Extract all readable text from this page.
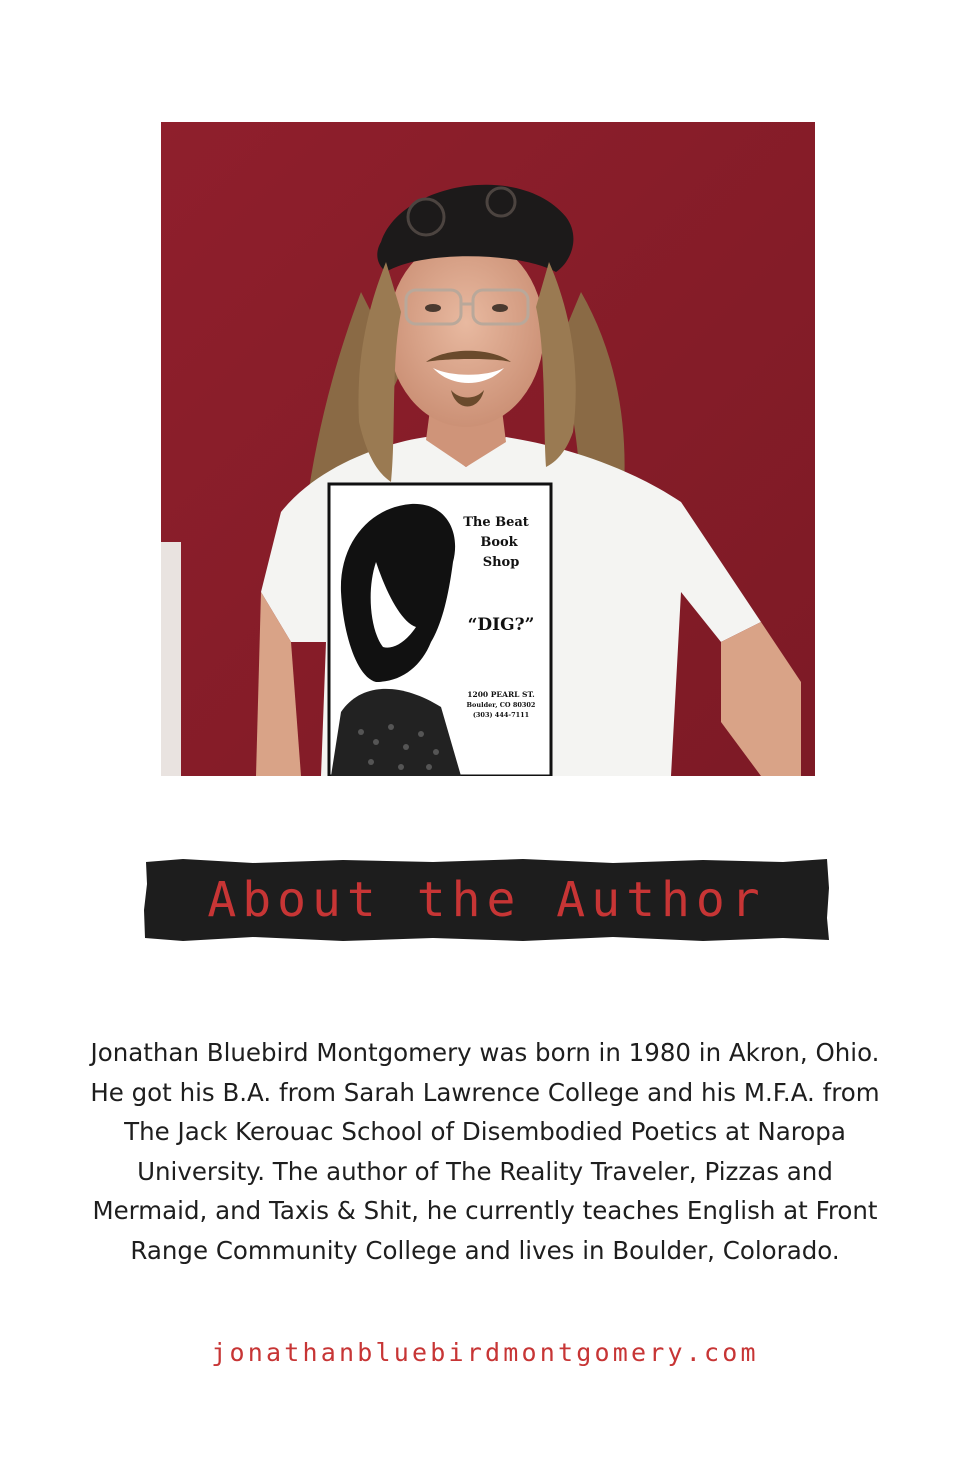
The Beat
Book
Shop
“DIG?”
1200 PEARL ST.
Boulder, CO 80302
(303) 444-7111
About the Author
Jonathan Bluebird Montgomery was born in 1980 in Akron, Ohio. He got his B.A. from Sarah Lawrence College and his M.F.A. from The Jack Kerouac School of Disembodied Poetics at Naropa University. The author of The Reality Traveler, Pizzas and Mermaid, and Taxis & Shit, he currently teaches English at Front Range Community College and lives in Boulder, Colorado.
jonathanbluebirdmontgomery.com
